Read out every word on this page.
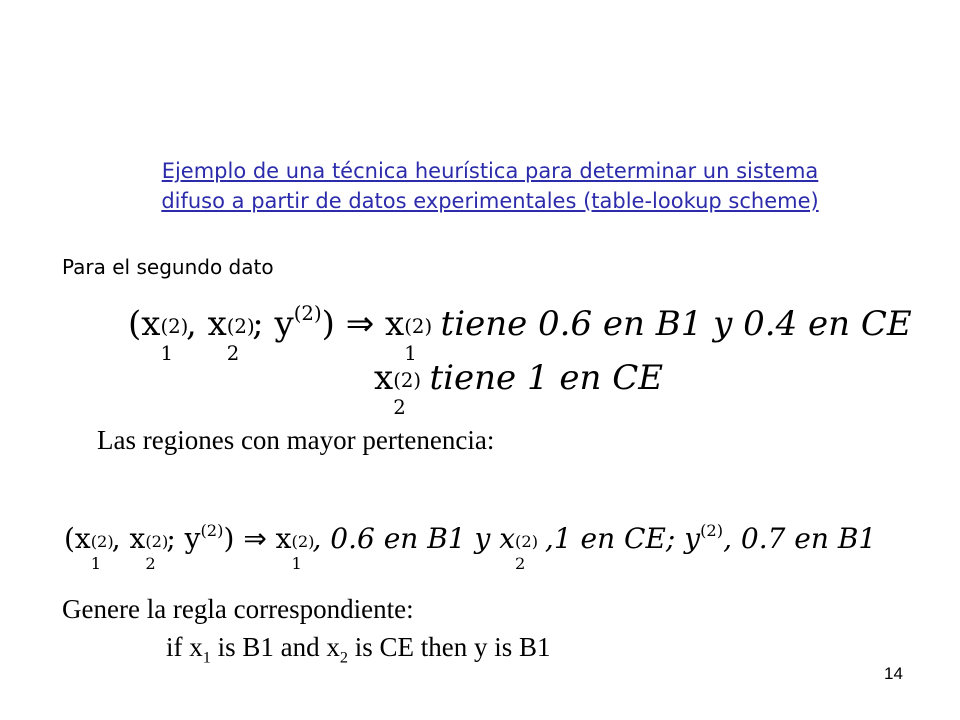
Ejemplo de una técnica heurística para determinar un sistema
difuso a partir de datos experimentales (table-lookup scheme)
Para el segundo dato
(x (2)
1
, x (2)
2
; $y^{(2)}$) ⇒ x (2)
1
tiene 0.6 en B1 y 0.4 en CE
x (2)
2
tiene 1 en CE
Las regiones con mayor pertenencia:
(x (2)
1
, x (2)
2
; $y^{(2)}$) ⇒ x (2)
1
, 0.6 en B1 y x (2)
2
,1 en CE; $y^{(2)}$, 0.7 en B1
Genere la regla correspondiente:
if $x_1$ is B1 and $x_2$ is CE then y is B1
14
